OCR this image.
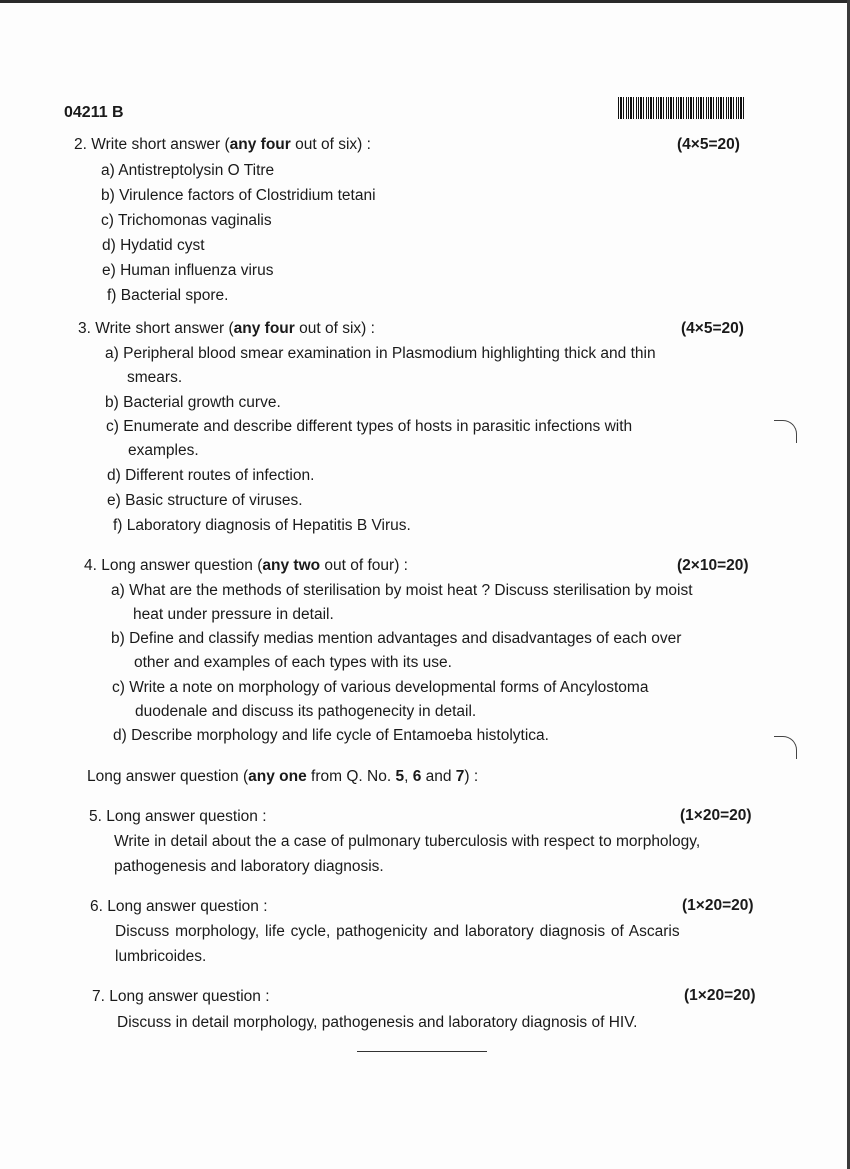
04211 B
2. Write short answer (any four out of six) :	(4×5=20)
a) Antistreptolysin O Titre
b) Virulence factors of Clostridium tetani
c) Trichomonas vaginalis
d) Hydatid cyst
e) Human influenza virus
f) Bacterial spore.
3. Write short answer (any four out of six) :	(4×5=20)
a) Peripheral blood smear examination in Plasmodium highlighting thick and thin
smears.
b) Bacterial growth curve.
c) Enumerate and describe different types of hosts in parasitic infections with
examples.
d) Different routes of infection.
e) Basic structure of viruses.
f) Laboratory diagnosis of Hepatitis B Virus.
4. Long answer question (any two out of four) :	(2×10=20)
a) What are the methods of sterilisation by moist heat ? Discuss sterilisation by moist
heat under pressure in detail.
b) Define and classify medias mention advantages and disadvantages of each over
other and examples of each types with its use.
c) Write a note on morphology of various developmental forms of Ancylostoma
duodenale and discuss its pathogenecity in detail.
d) Describe morphology and life cycle of Entamoeba histolytica.
Long answer question (any one from Q. No. 5, 6 and 7) :
5. Long answer question :	(1×20=20)
Write in detail about the a case of pulmonary tuberculosis with respect to morphology,
pathogenesis and laboratory diagnosis.
6. Long answer question :	(1×20=20)
Discuss morphology, life cycle, pathogenicity and laboratory diagnosis of Ascaris
lumbricoides.
7. Long answer question :	(1×20=20)
Discuss in detail morphology, pathogenesis and laboratory diagnosis of HIV.
